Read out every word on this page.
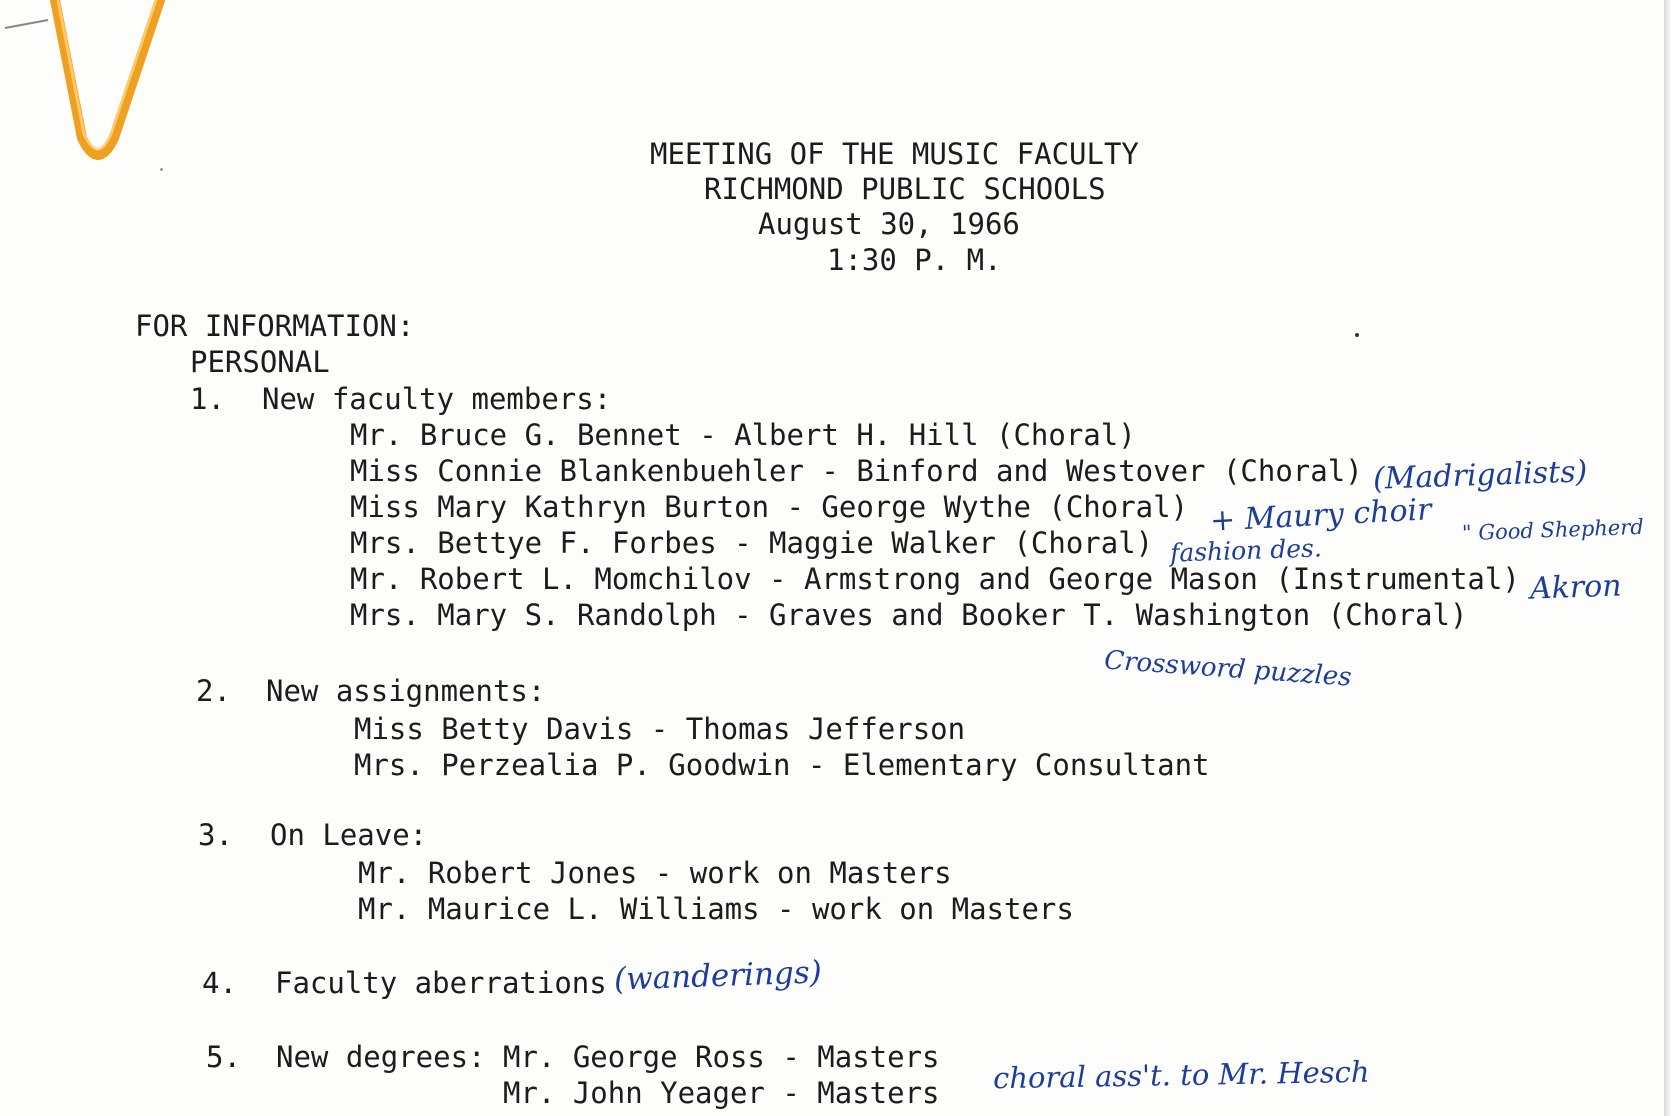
MEETING OF THE MUSIC FACULTY
RICHMOND PUBLIC SCHOOLS
August 30, 1966
1:30 P. M.
FOR INFORMATION:
PERSONAL
1. New faculty members:
Mr. Bruce G. Bennet - Albert H. Hill (Choral)
Miss Connie Blankenbuehler - Binford and Westover (Choral)
Miss Mary Kathryn Burton - George Wythe (Choral)
Mrs. Bettye F. Forbes - Maggie Walker (Choral)
Mr. Robert L. Momchilov - Armstrong and George Mason (Instrumental)
Mrs. Mary S. Randolph - Graves and Booker T. Washington (Choral)
2. New assignments:
Miss Betty Davis - Thomas Jefferson
Mrs. Perzealia P. Goodwin - Elementary Consultant
3. On Leave:
Mr. Robert Jones - work on Masters
Mr. Maurice L. Williams - work on Masters
4. Faculty aberrations
5. New degrees: Mr. George Ross - Masters
Mr. John Yeager - Masters
(Madrigalists)
+ Maury choir " Good Shepherd
fashion des.
Akron
Crossword puzzles
(wanderings)
choral ass't. to Mr. Hesch
